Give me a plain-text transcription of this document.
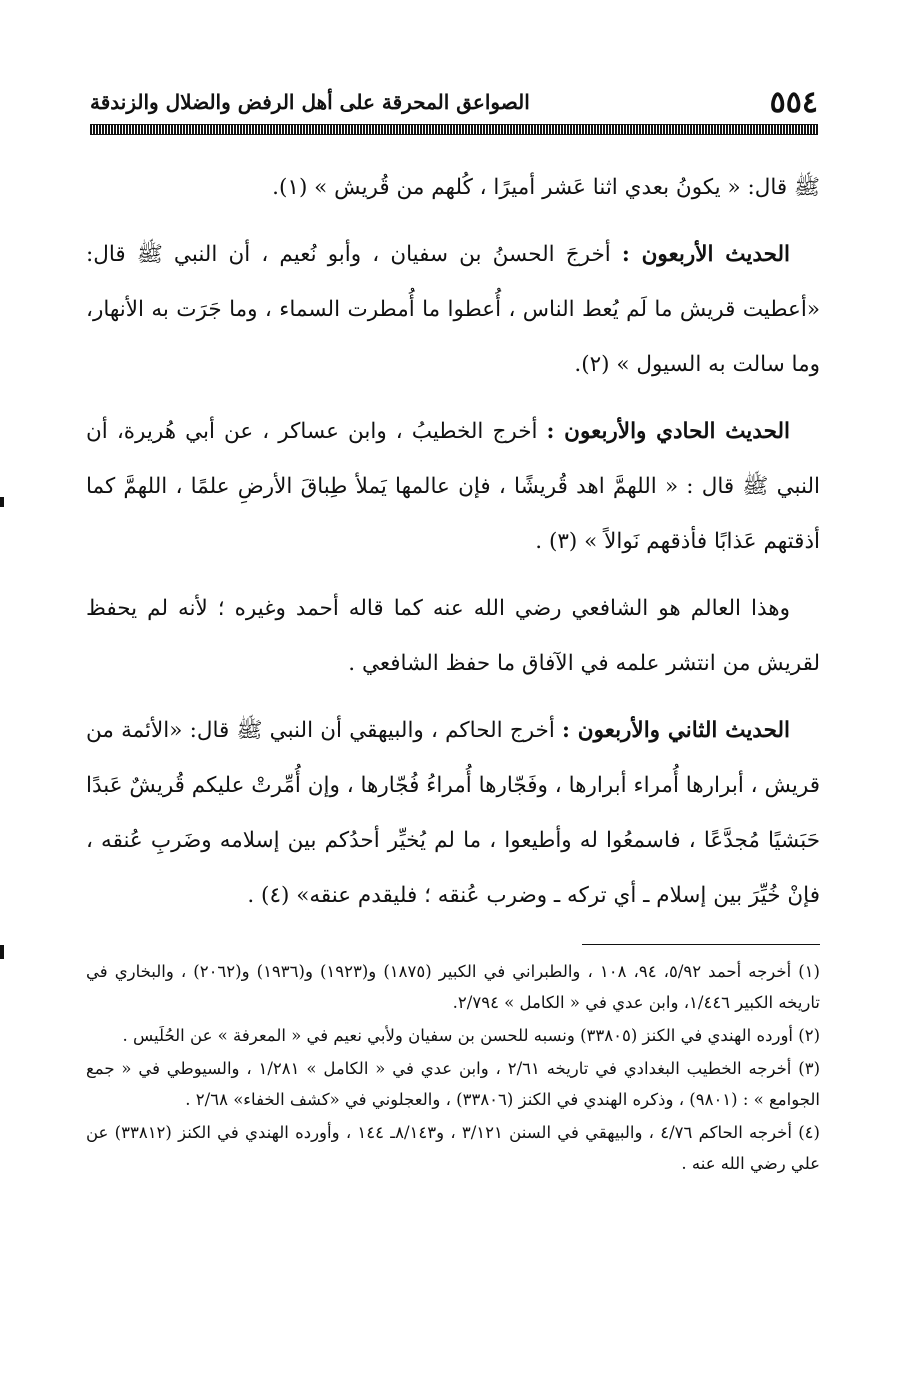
٥٥٤
الصواعق المحرقة على أهل الرفض والضلال والزندقة

ﷺ قال: « يكونُ بعدي اثنا عَشر أميرًا ، كُلهم من قُريش » (١).

الحديث الأربعون : أخرجَ الحسنُ بن سفيان ، وأبو نُعيم ، أن النبي ﷺ قال: «أعطيت قريش ما لَم يُعط الناس ، أُعطوا ما أُمطرت السماء ، وما جَرَت به الأنهار، وما سالت به السيول » (٢).

الحديث الحادي والأربعون : أخرج الخطيبُ ، وابن عساكر ، عن أبي هُريرة، أن النبي ﷺ قال : « اللهمَّ اهد قُريشًا ، فإن عالمها يَملأ طِباقَ الأرضِ علمًا ، اللهمَّ كما أذقتهم عَذابًا فأذقهم نَوالاً » (٣) .

وهذا العالم هو الشافعي رضي الله عنه كما قاله أحمد وغيره ؛ لأنه لم يحفظ لقريش من انتشر علمه في الآفاق ما حفظ الشافعي .

الحديث الثاني والأربعون : أخرج الحاكم ، والبيهقي أن النبي ﷺ قال: «الأئمة من قريش ، أبرارها أُمراء أبرارها ، وفَجّارها أُمراءُ فُجّارها ، وإن أُمِّرتْ عليكم قُريشٌ عَبدًا حَبَشيًا مُجدَّعًا ، فاسمعُوا له وأطيعوا ، ما لم يُخيِّر أحدُكم بين إسلامه وضَربِ عُنقه ، فإنْ خُيِّرَ بين إسلام ـ أي تركه ـ وضرب عُنقه ؛ فليقدم عنقه» (٤) .

(١) أخرجه أحمد ٥/٩٢، ٩٤، ١٠٨ ، والطبراني في الكبير (١٨٧٥) و(١٩٢٣) و(١٩٣٦) و(٢٠٦٢) ، والبخاري في تاريخه الكبير ١/٤٤٦، وابن عدي في « الكامل » ٢/٧٩٤.

(٢) أورده الهندي في الكنز (٣٣٨٠٥) ونسبه للحسن بن سفيان ولأبي نعيم في « المعرفة » عن الحُلَيس .

(٣) أخرجه الخطيب البغدادي في تاريخه ٢/٦١ ، وابن عدي في « الكامل » ١/٢٨١ ، والسيوطي في « جمع الجوامع » : (٩٨٠١) ، وذكره الهندي في الكنز (٣٣٨٠٦) ، والعجلوني في «كشف الخفاء» ٢/٦٨ .

(٤) أخرجه الحاكم ٤/٧٦ ، والبيهقي في السنن ٣/١٢١ ، و٨/١٤٣ـ ١٤٤ ، وأورده الهندي في الكنز (٣٣٨١٢) عن علي رضي الله عنه .
